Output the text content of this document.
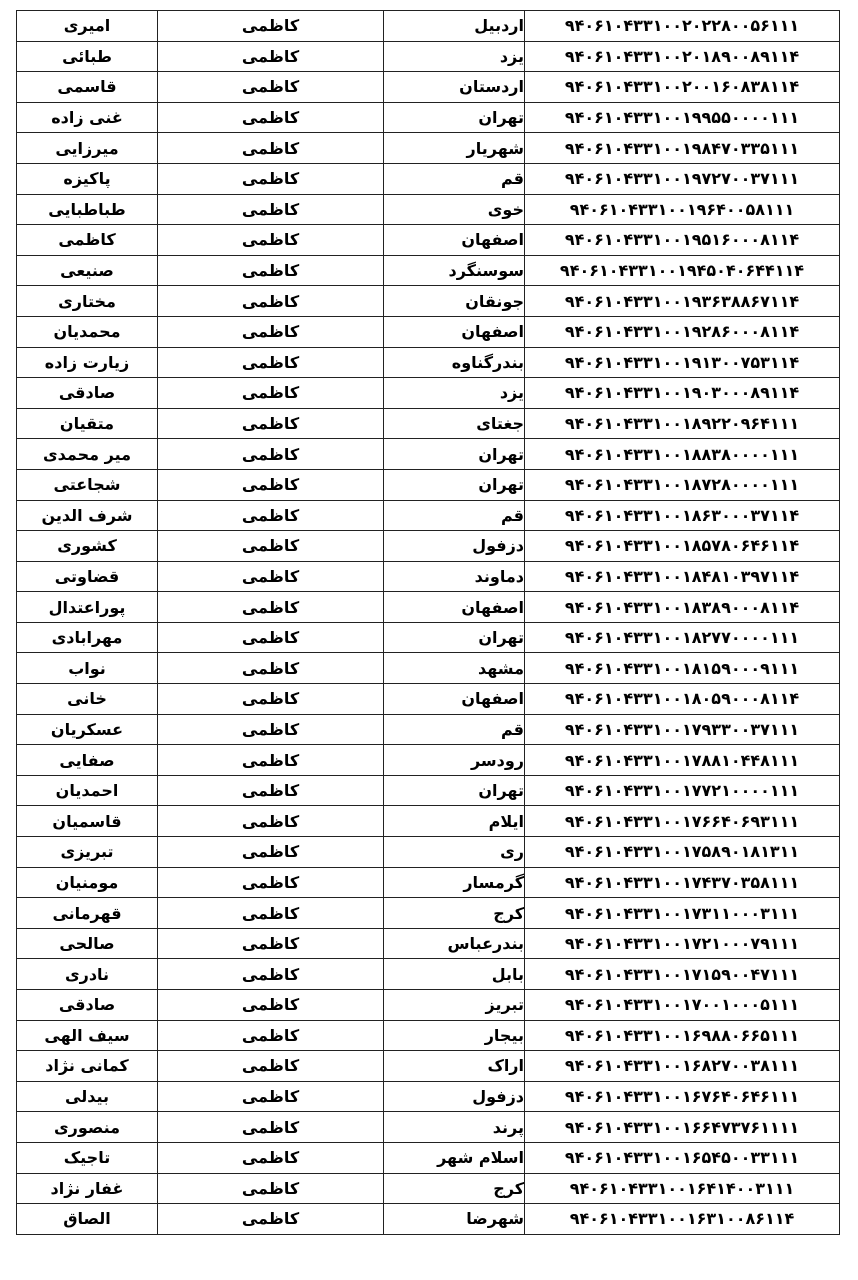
امیری	کاظمی	اردبیل	۹۴۰۶۱۰۴۳۳۱۰۰۲۰۲۲۸۰۰۵۶۱۱۱
طبائی	کاظمی	یزد	۹۴۰۶۱۰۴۳۳۱۰۰۲۰۱۸۹۰۰۸۹۱۱۴
قاسمی	کاظمی	اردستان	۹۴۰۶۱۰۴۳۳۱۰۰۲۰۰۱۶۰۸۳۸۱۱۴
غنی زاده	کاظمی	تهران	۹۴۰۶۱۰۴۳۳۱۰۰۱۹۹۵۵۰۰۰۰۱۱۱
میرزایی	کاظمی	شهریار	۹۴۰۶۱۰۴۳۳۱۰۰۱۹۸۴۷۰۳۳۵۱۱۱
پاکیزه	کاظمی	قم	۹۴۰۶۱۰۴۳۳۱۰۰۱۹۷۲۷۰۰۳۷۱۱۱
طباطبایی	کاظمی	خوی	۹۴۰۶۱۰۴۳۳۱۰۰۱۹۶۴۰۰۵۸۱۱۱
کاظمی	کاظمی	اصفهان	۹۴۰۶۱۰۴۳۳۱۰۰۱۹۵۱۶۰۰۰۸۱۱۴
صنیعی	کاظمی	سوسنگرد	۹۴۰۶۱۰۴۳۳۱۰۰۱۹۴۵۰۴۰۶۴۴۱۱۴
مختاری	کاظمی	جونقان	۹۴۰۶۱۰۴۳۳۱۰۰۱۹۳۶۳۸۸۶۷۱۱۴
محمدیان	کاظمی	اصفهان	۹۴۰۶۱۰۴۳۳۱۰۰۱۹۲۸۶۰۰۰۸۱۱۴
زیارت زاده	کاظمی	بندرگناوه	۹۴۰۶۱۰۴۳۳۱۰۰۱۹۱۳۰۰۷۵۳۱۱۴
صادقی	کاظمی	یزد	۹۴۰۶۱۰۴۳۳۱۰۰۱۹۰۳۰۰۰۸۹۱۱۴
متقیان	کاظمی	جغتای	۹۴۰۶۱۰۴۳۳۱۰۰۱۸۹۲۲۰۹۶۴۱۱۱
میر محمدی	کاظمی	تهران	۹۴۰۶۱۰۴۳۳۱۰۰۱۸۸۳۸۰۰۰۰۱۱۱
شجاعتی	کاظمی	تهران	۹۴۰۶۱۰۴۳۳۱۰۰۱۸۷۲۸۰۰۰۰۱۱۱
شرف الدین	کاظمی	قم	۹۴۰۶۱۰۴۳۳۱۰۰۱۸۶۳۰۰۰۳۷۱۱۴
کشوری	کاظمی	دزفول	۹۴۰۶۱۰۴۳۳۱۰۰۱۸۵۷۸۰۶۴۶۱۱۴
قضاوتی	کاظمی	دماوند	۹۴۰۶۱۰۴۳۳۱۰۰۱۸۴۸۱۰۳۹۷۱۱۴
پوراعتدال	کاظمی	اصفهان	۹۴۰۶۱۰۴۳۳۱۰۰۱۸۳۸۹۰۰۰۸۱۱۴
مهرابادی	کاظمی	تهران	۹۴۰۶۱۰۴۳۳۱۰۰۱۸۲۷۷۰۰۰۰۱۱۱
نواب	کاظمی	مشهد	۹۴۰۶۱۰۴۳۳۱۰۰۱۸۱۵۹۰۰۰۹۱۱۱
خانی	کاظمی	اصفهان	۹۴۰۶۱۰۴۳۳۱۰۰۱۸۰۵۹۰۰۰۸۱۱۴
عسکریان	کاظمی	قم	۹۴۰۶۱۰۴۳۳۱۰۰۱۷۹۳۳۰۰۳۷۱۱۱
صفایی	کاظمی	رودسر	۹۴۰۶۱۰۴۳۳۱۰۰۱۷۸۸۱۰۴۴۸۱۱۱
احمدیان	کاظمی	تهران	۹۴۰۶۱۰۴۳۳۱۰۰۱۷۷۲۱۰۰۰۰۱۱۱
قاسمیان	کاظمی	ایلام	۹۴۰۶۱۰۴۳۳۱۰۰۱۷۶۶۴۰۶۹۳۱۱۱
تبریزی	کاظمی	ری	۹۴۰۶۱۰۴۳۳۱۰۰۱۷۵۸۹۰۱۸۱۳۱۱
مومنیان	کاظمی	گرمسار	۹۴۰۶۱۰۴۳۳۱۰۰۱۷۴۳۷۰۳۵۸۱۱۱
قهرمانی	کاظمی	کرج	۹۴۰۶۱۰۴۳۳۱۰۰۱۷۳۱۱۰۰۰۳۱۱۱
صالحی	کاظمی	بندرعباس	۹۴۰۶۱۰۴۳۳۱۰۰۱۷۲۱۰۰۰۷۹۱۱۱
نادری	کاظمی	بابل	۹۴۰۶۱۰۴۳۳۱۰۰۱۷۱۵۹۰۰۴۷۱۱۱
صادقی	کاظمی	تبریز	۹۴۰۶۱۰۴۳۳۱۰۰۱۷۰۰۱۰۰۰۵۱۱۱
سیف الهی	کاظمی	بیجار	۹۴۰۶۱۰۴۳۳۱۰۰۱۶۹۸۸۰۶۶۵۱۱۱
کمانی نژاد	کاظمی	اراک	۹۴۰۶۱۰۴۳۳۱۰۰۱۶۸۲۷۰۰۳۸۱۱۱
بیدلی	کاظمی	دزفول	۹۴۰۶۱۰۴۳۳۱۰۰۱۶۷۶۴۰۶۴۶۱۱۱
منصوری	کاظمی	پرند	۹۴۰۶۱۰۴۳۳۱۰۰۱۶۶۴۷۳۷۶۱۱۱۱
تاجیک	کاظمی	اسلام شهر	۹۴۰۶۱۰۴۳۳۱۰۰۱۶۵۴۵۰۰۳۳۱۱۱
غفار نژاد	کاظمی	کرج	۹۴۰۶۱۰۴۳۳۱۰۰۱۶۴۱۴۰۰۳۱۱۱
الصاق	کاظمی	شهرضا	۹۴۰۶۱۰۴۳۳۱۰۰۱۶۳۱۰۰۸۶۱۱۴
